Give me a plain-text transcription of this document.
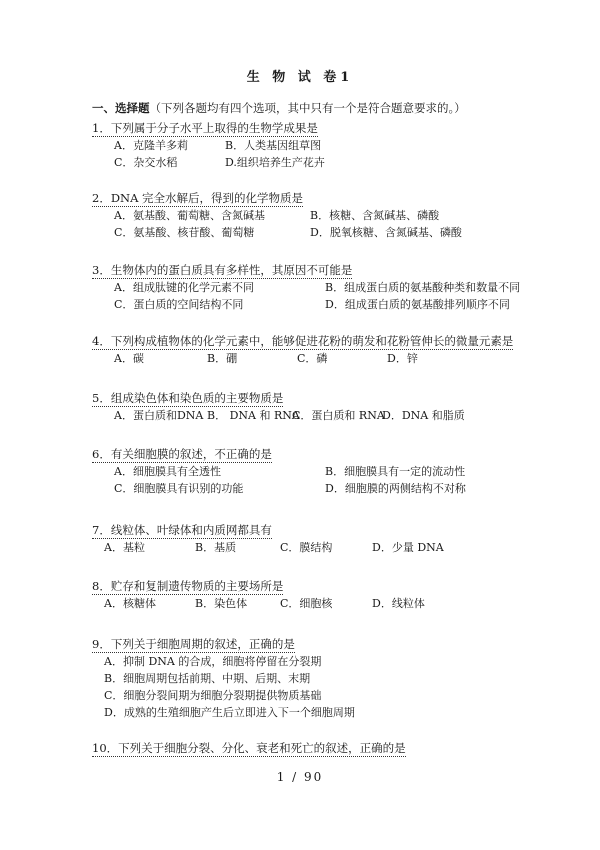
生 物 试 卷1
一、选择题（下列各题均有四个选项，其中只有一个是符合题意要求的。）
1．下列属于分子水平上取得的生物学成果是
A．克隆羊多莉	B．人类基因组草图
C．杂交水稻	D.组织培养生产花卉
2．DNA 完全水解后，得到的化学物质是
A．氨基酸、葡萄糖、含氮碱基	B．核糖、含氮碱基、磷酸
C．氨基酸、核苷酸、葡萄糖	D．脱氧核糖、含氮碱基、磷酸
3．生物体内的蛋白质具有多样性，其原因不可能是
A．组成肽键的化学元素不同	B．组成蛋白质的氨基酸种类和数量不同
C．蛋白质的空间结构不同	D．组成蛋白质的氨基酸排列顺序不同
4．下列构成植物体的化学元素中，能够促进花粉的萌发和花粉管伸长的微量元素是
A．碳	B．硼	C．磷	D．锌
5．组成染色体和染色质的主要物质是
A．蛋白质和DNA B． DNA 和 RNA
C．蛋白质和 RNA
D．DNA 和脂质
6．有关细胞膜的叙述，不正确的是
A．细胞膜具有全透性	B．细胞膜具有一定的流动性
C．细胞膜具有识别的功能	D．细胞膜的两侧结构不对称
7．线粒体、叶绿体和内质网都具有
A．基粒	B．基质	C．膜结构	D．少量 DNA
8．贮存和复制遗传物质的主要场所是
A．核糖体	B．染色体	C．细胞核	D．线粒体
9．下列关于细胞周期的叙述，正确的是
A．抑制 DNA 的合成，细胞将停留在分裂期
B．细胞周期包括前期、中期、后期、末期
C．细胞分裂间期为细胞分裂期提供物质基础
D．成熟的生殖细胞产生后立即进入下一个细胞周期
10．下列关于细胞分裂、分化、衰老和死亡的叙述，正确的是
1 / 90
